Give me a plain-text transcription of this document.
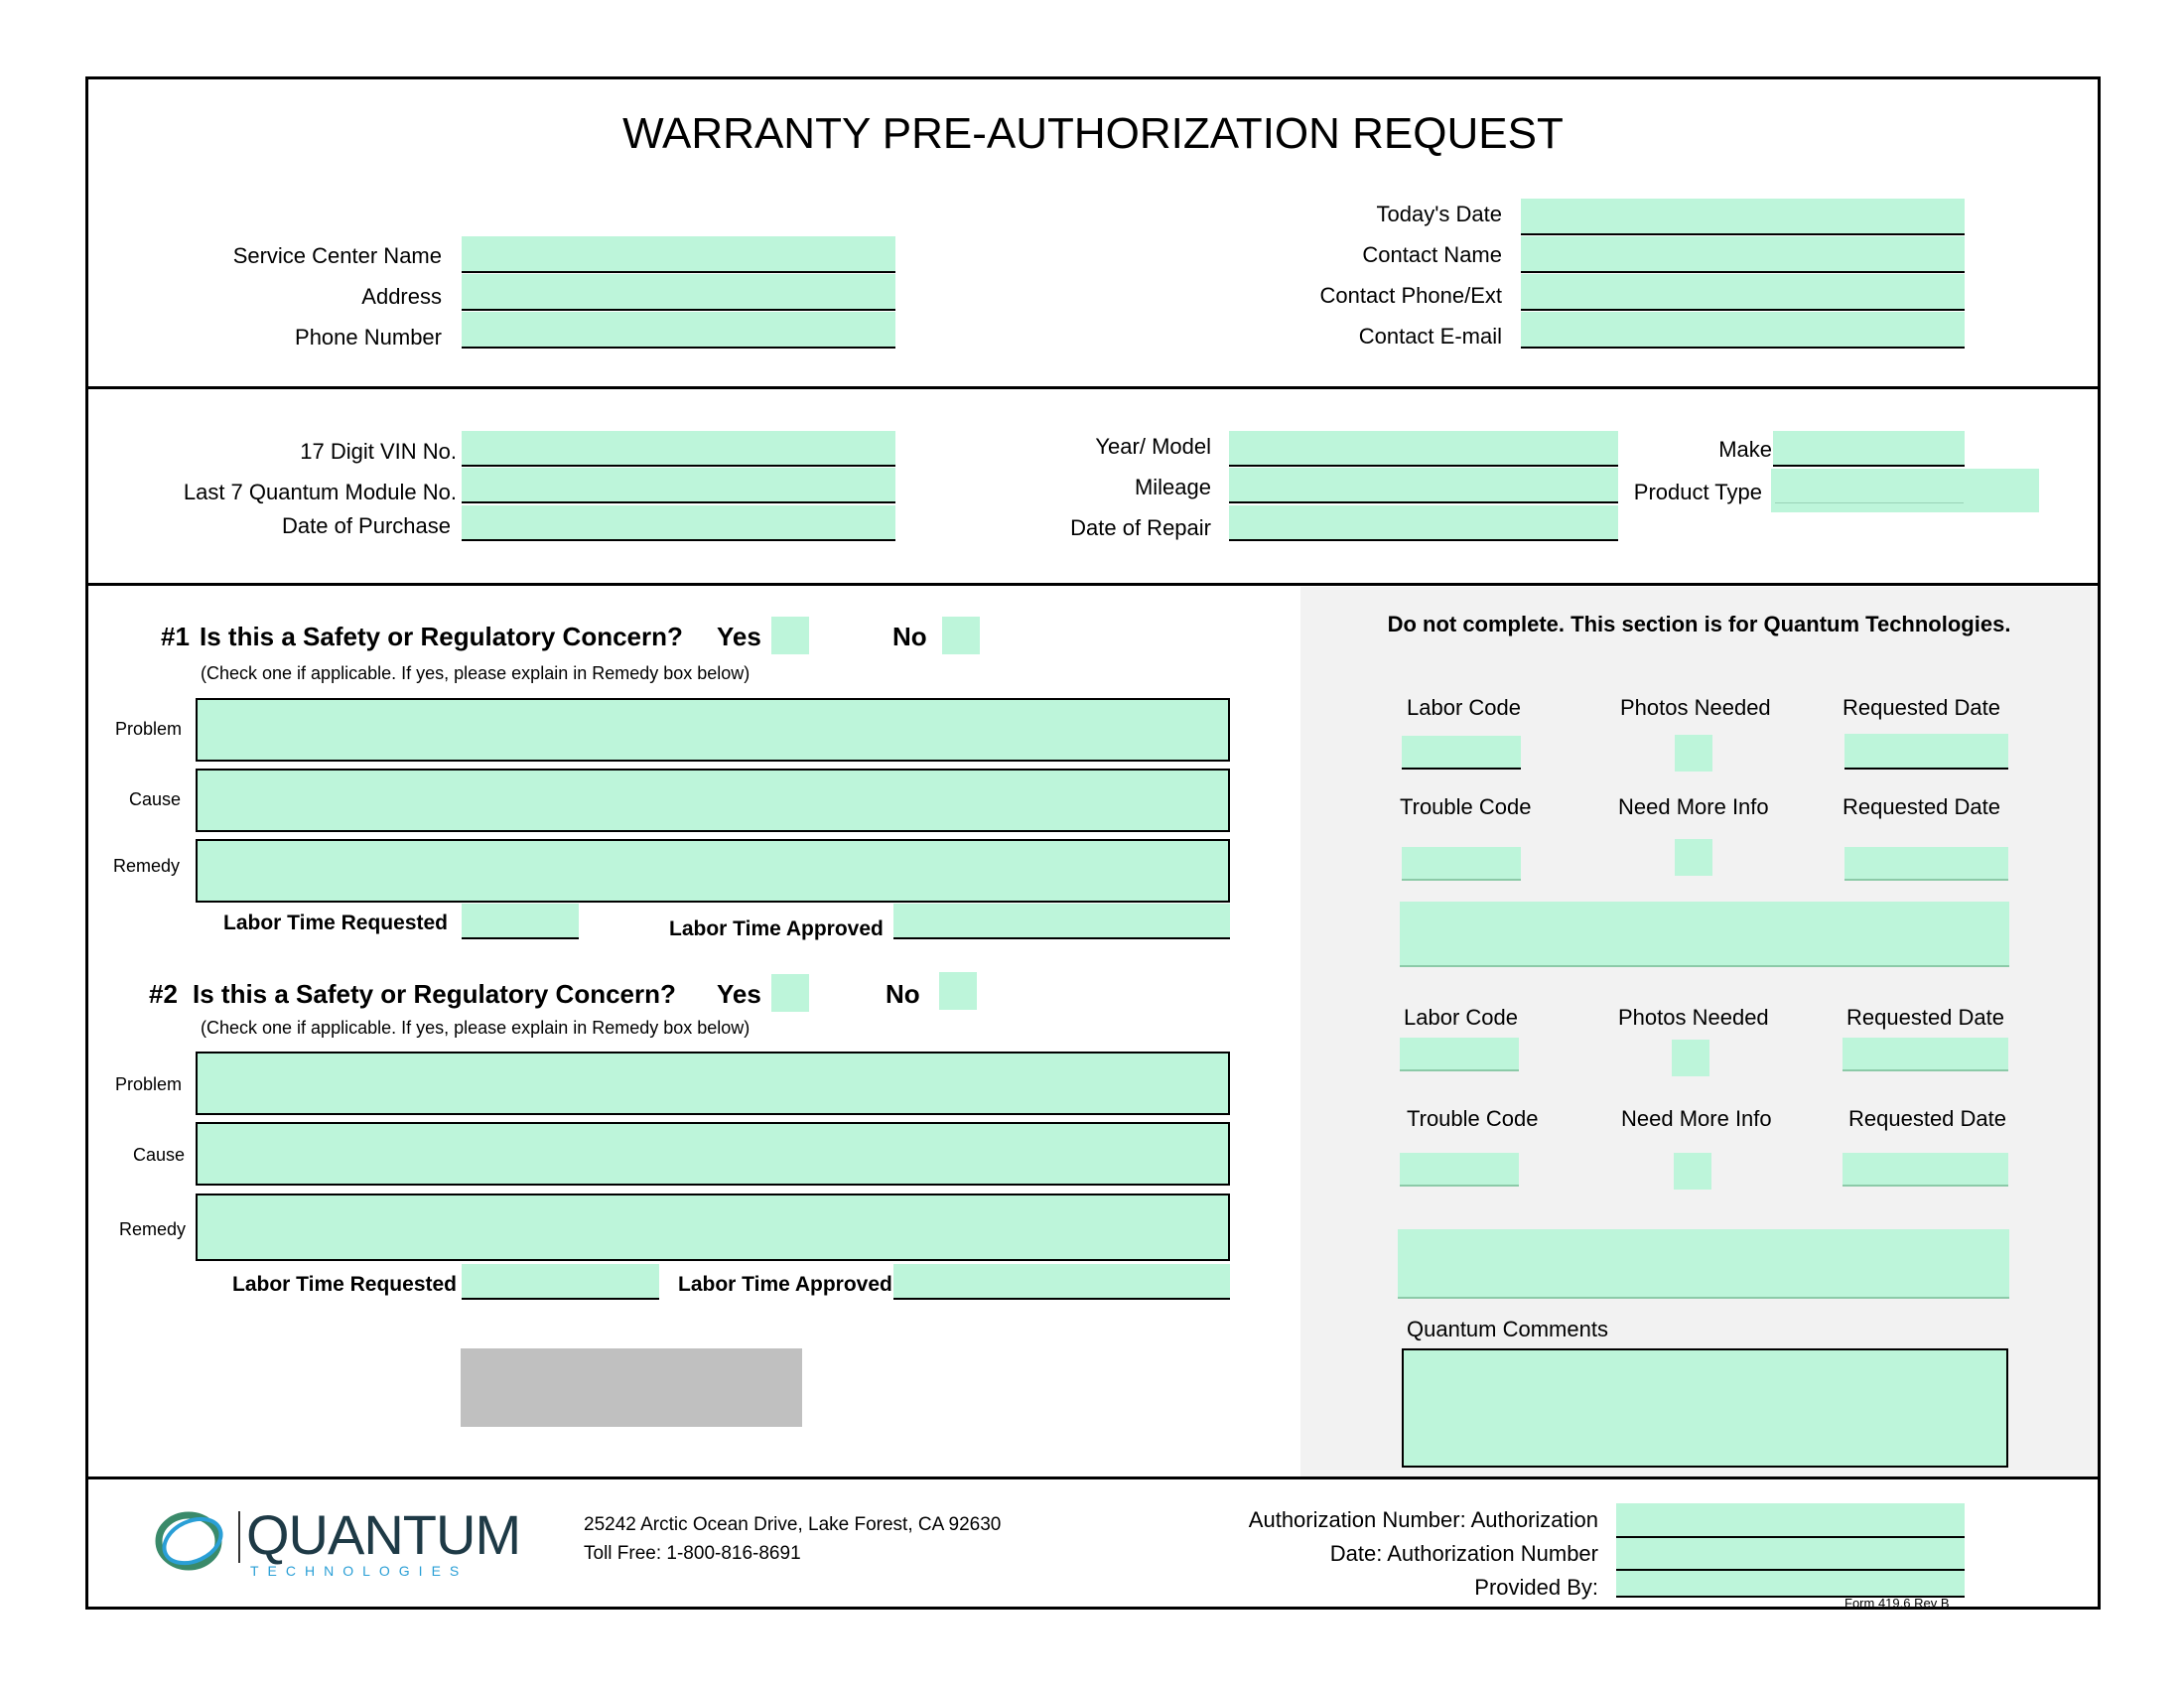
WARRANTY PRE-AUTHORIZATION REQUEST
Service Center Name
Address
Phone Number
Today's Date
Contact Name
Contact Phone/Ext
Contact E-mail
17 Digit VIN No.
Last 7 Quantum Module No.
Date of Purchase
Year/ Model
Mileage
Date of Repair
Make
Product Type
#1 Is this a Safety or Regulatory Concern? Yes	No
(Check one if applicable. If yes, please explain in Remedy box below)
Problem
Cause
Remedy
Labor Time Requested	Labor Time Approved
#2 Is this a Safety or Regulatory Concern? Yes	No
(Check one if applicable. If yes, please explain in Remedy box below)
Problem
Cause
Remedy
Labor Time Requested	Labor Time Approved
Do not complete. This section is for Quantum Technologies.
Labor Code	Photos Needed	Requested Date
Trouble Code	Need More Info	Requested Date
Labor Code	Photos Needed	Requested Date
Trouble Code	Need More Info	Requested Date
Quantum Comments
QUANTUM
TECHNOLOGIES
25242 Arctic Ocean Drive, Lake Forest, CA 92630
Toll Free: 1-800-816-8691
Authorization Number: Authorization
Date: Authorization Number
Provided By:
Form 419.6 Rev B
